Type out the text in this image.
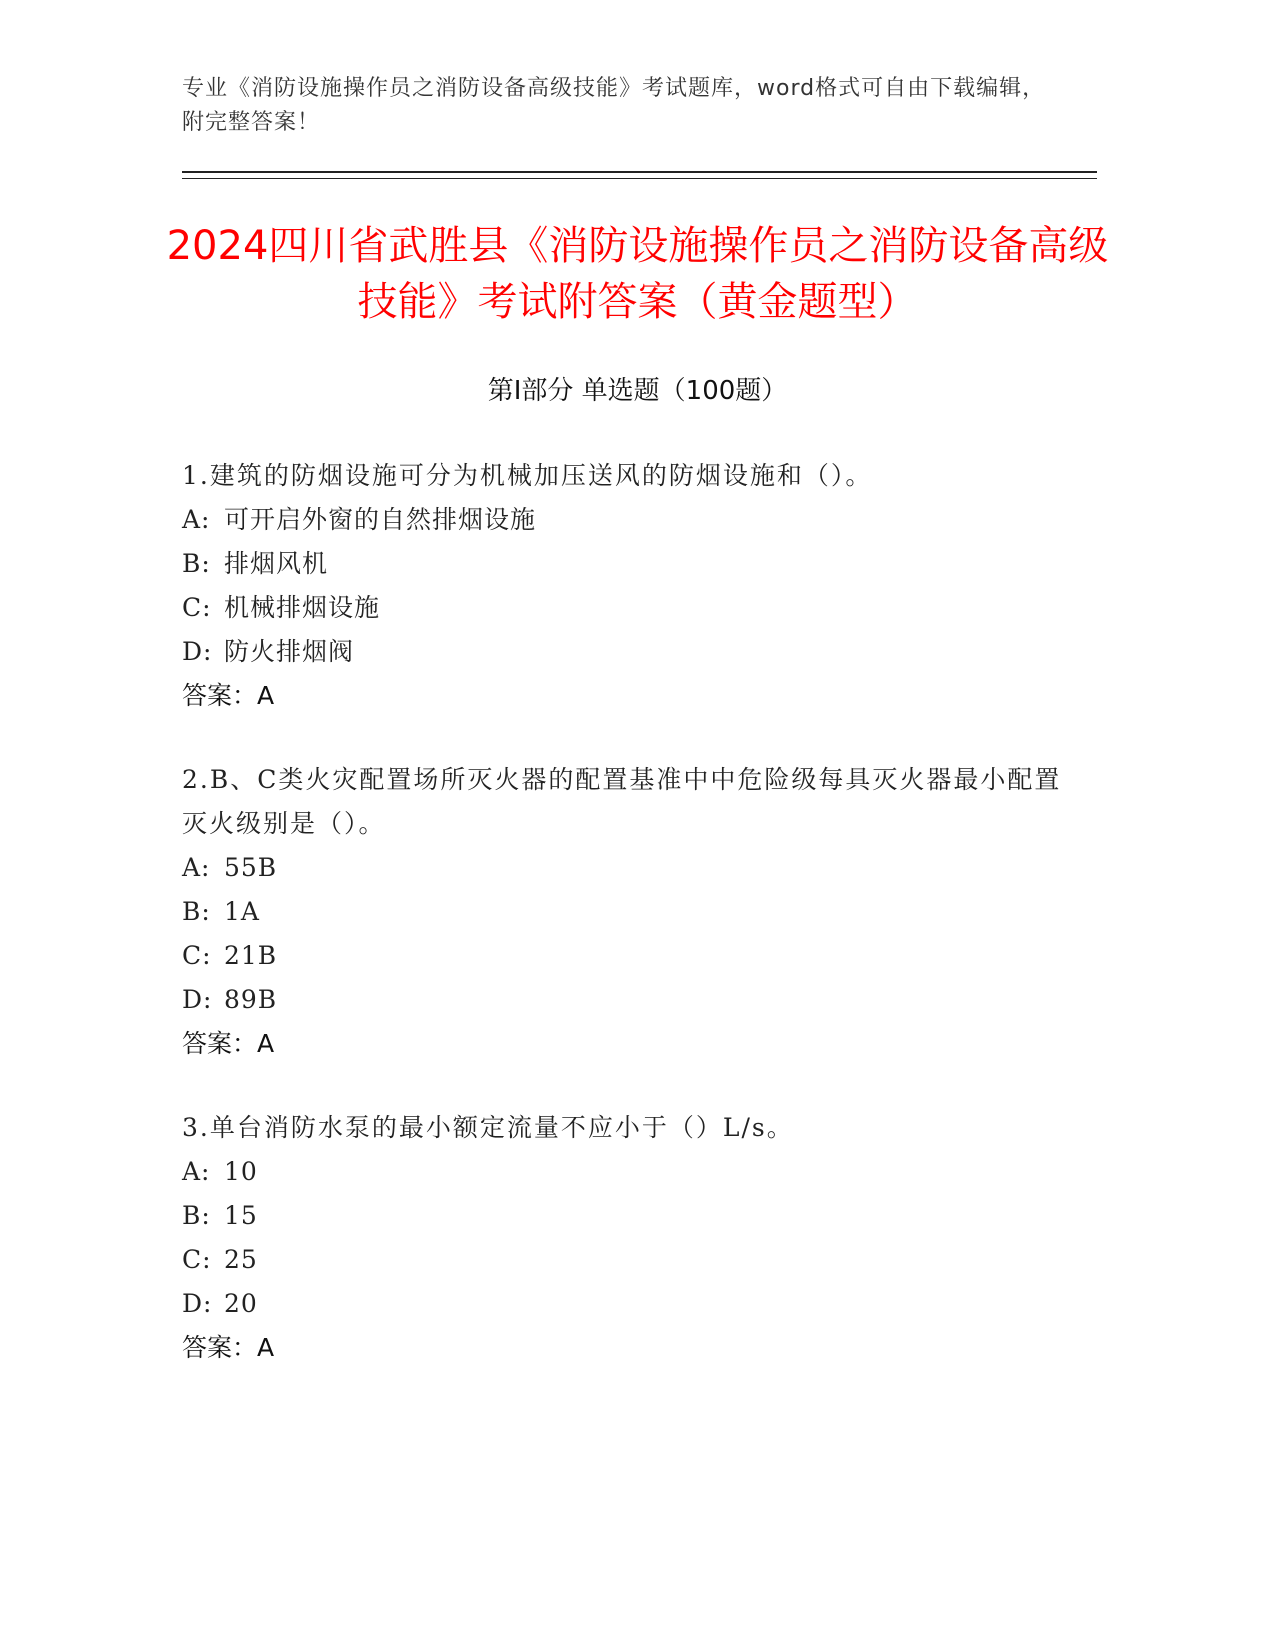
专业《消防设施操作员之消防设备高级技能》考试题库，word格式可自由下载编辑，附完整答案！
2024四川省武胜县《消防设施操作员之消防设备高级技能》考试附答案（黄金题型）
第Ⅰ部分 单选题（100题）

1.建筑的防烟设施可分为机械加压送风的防烟设施和（）。

A: 可开启外窗的自然排烟设施

B: 排烟风机

C: 机械排烟设施

D: 防火排烟阀

答案：A

2.B、C类火灾配置场所灭火器的配置基准中中危险级每具灭火器最小配置灭火级别是（）。

A: 55B

B: 1A

C: 21B

D: 89B

答案：A

3.单台消防水泵的最小额定流量不应小于（）L/s。

A: 10

B: 15

C: 25

D: 20

答案：A
